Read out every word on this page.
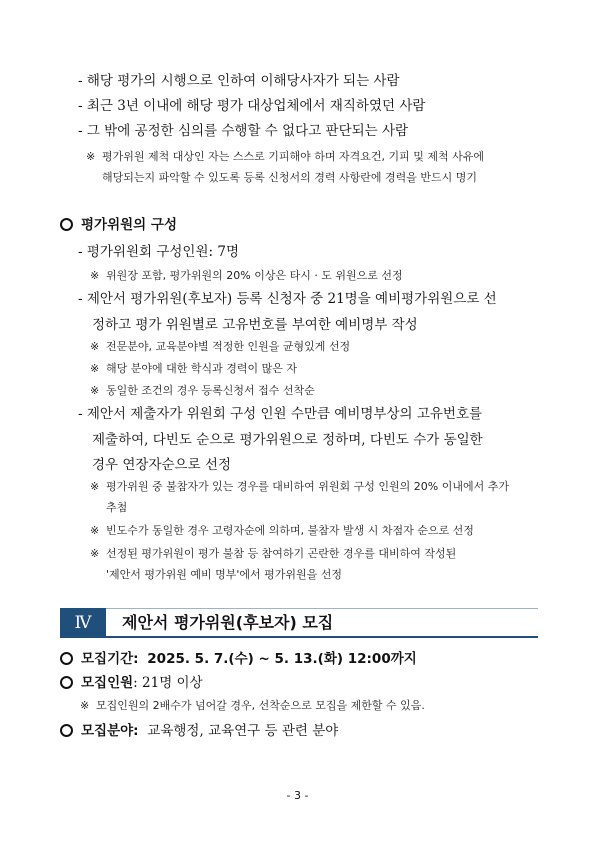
- 해당 평가의 시행으로 인하여 이해당사자가 되는 사람
- 최근 3년 이내에 해당 평가 대상업체에서 재직하였던 사람
- 그 밖에 공정한 심의를 수행할 수 없다고 판단되는 사람
※ 평가위원 제척 대상인 자는 스스로 기피해야 하며 자격요건, 기피 및 제척 사유에
해당되는지 파악할 수 있도록 등록 신청서의 경력 사항란에 경력을 반드시 명기
평가위원의 구성
- 평가위원회 구성인원: 7명
※ 위원장 포함, 평가위원의 20% 이상은 타시 · 도 위원으로 선정
- 제안서 평가위원(후보자) 등록 신청자 중 21명을 예비평가위원으로 선
정하고 평가 위원별로 고유번호를 부여한 예비명부 작성
※ 전문분야, 교육분야별 적정한 인원을 균형있게 선정
※ 해당 분야에 대한 학식과 경력이 많은 자
※ 동일한 조건의 경우 등록신청서 접수 선착순
- 제안서 제출자가 위원회 구성 인원 수만큼 예비명부상의 고유번호를
제출하여, 다빈도 순으로 평가위원으로 정하며, 다빈도 수가 동일한
경우 연장자순으로 선정
※ 평가위원 중 불참자가 있는 경우를 대비하여 위원회 구성 인원의 20% 이내에서 추가
추첨
※ 빈도수가 동일한 경우 고령자순에 의하며, 불참자 발생 시 차점자 순으로 선정
※ 선정된 평가위원이 평가 불참 등 참여하기 곤란한 경우를 대비하여 작성된
'제안서 평가위원 예비 명부'에서 평가위원을 선정
Ⅳ	제안서 평가위원(후보자) 모집
모집기간: 2025. 5. 7.(수) ~ 5. 13.(화) 12:00까지
모집인원: 21명 이상
※ 모집인원의 2배수가 넘어갈 경우, 선착순으로 모집을 제한할 수 있음.
모집분야: 교육행정, 교육연구 등 관련 분야
- 3 -
